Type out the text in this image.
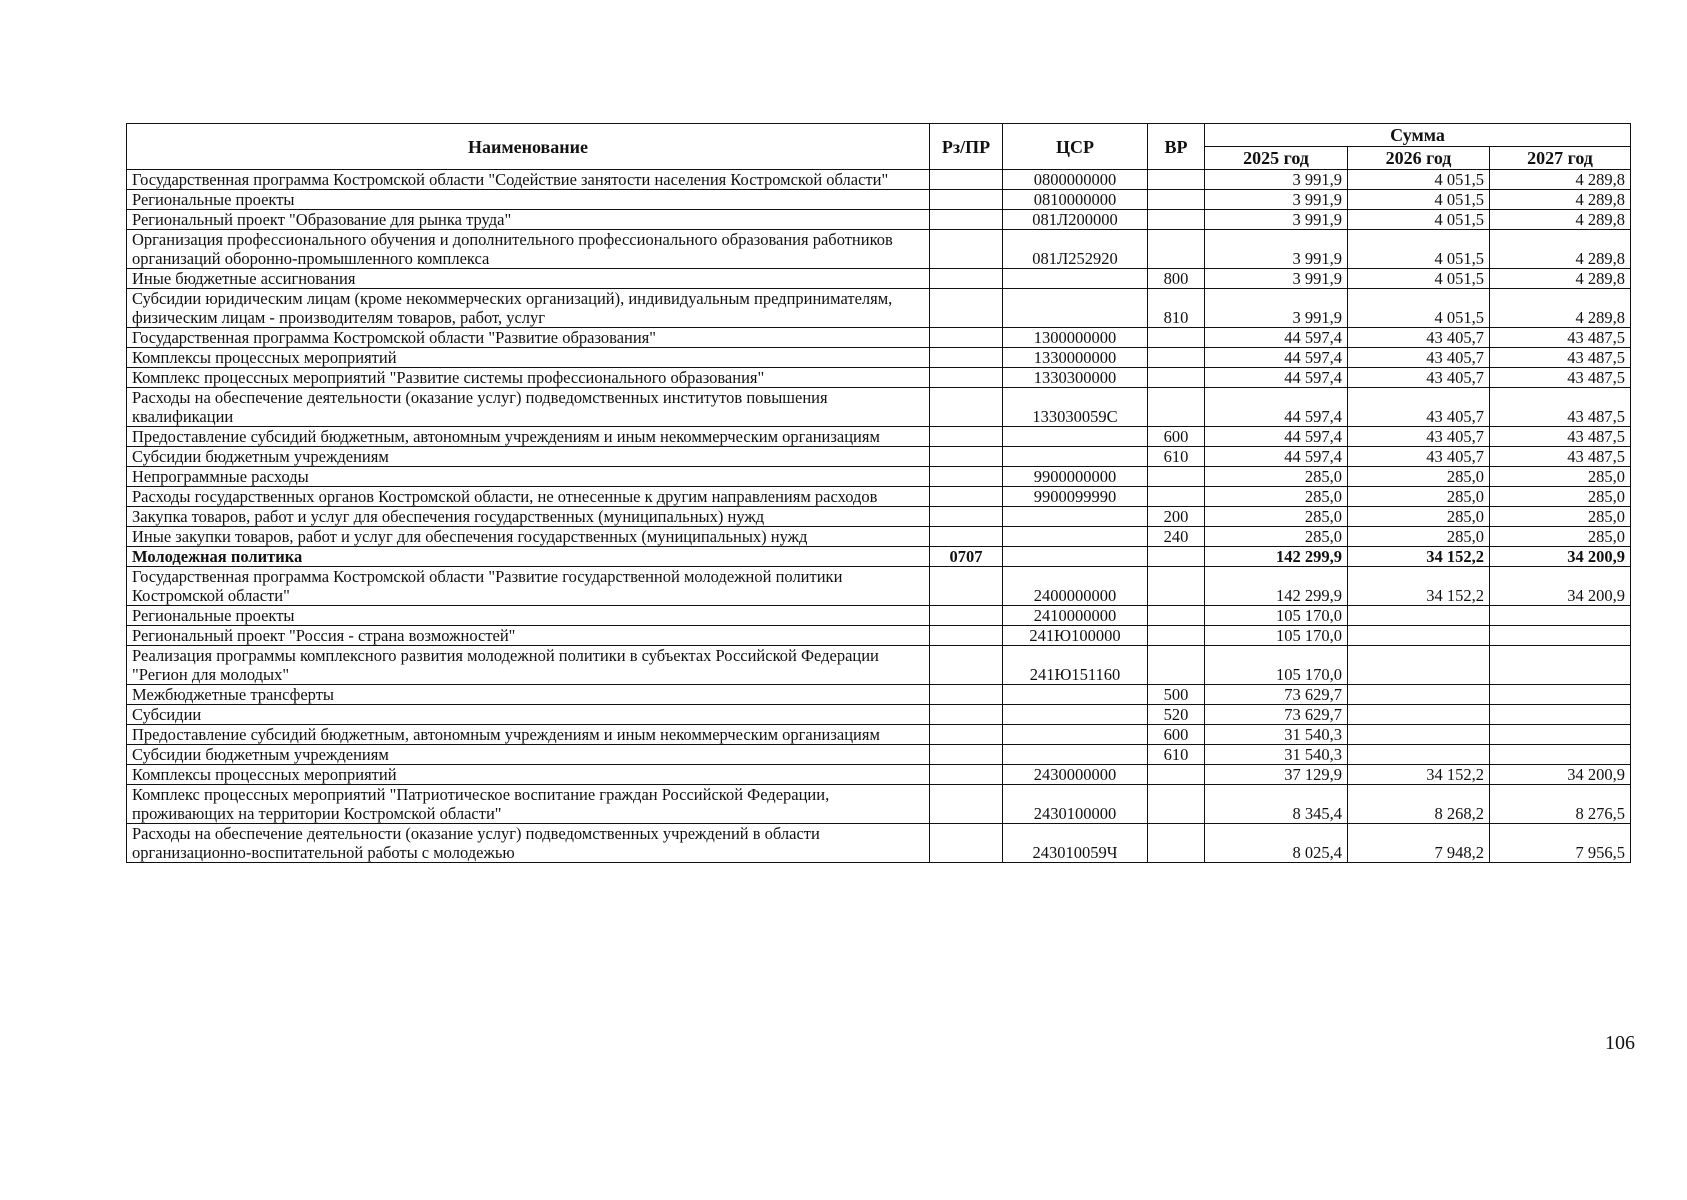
Наименование	Рз/ПР	ЦСР	ВР	Сумма		
				2025 год	2026 год	2027 год
Государственная программа Костромской области "Содействие занятости населения Костромской области"		0800000000		3 991,9	4 051,5	4 289,8
Региональные проекты		0810000000		3 991,9	4 051,5	4 289,8
Региональный проект "Образование для рынка труда"		081Л200000		3 991,9	4 051,5	4 289,8
Организация профессионального обучения и дополнительного профессионального образования работников организаций оборонно-промышленного комплекса		081Л252920		3 991,9	4 051,5	4 289,8
Иные бюджетные ассигнования			800	3 991,9	4 051,5	4 289,8
Субсидии юридическим лицам (кроме некоммерческих организаций), индивидуальным предпринимателям, физическим лицам - производителям товаров, работ, услуг			810	3 991,9	4 051,5	4 289,8
Государственная программа Костромской области "Развитие образования"		1300000000		44 597,4	43 405,7	43 487,5
Комплексы процессных мероприятий		1330000000		44 597,4	43 405,7	43 487,5
Комплекс процессных мероприятий "Развитие системы профессионального образования"		1330300000		44 597,4	43 405,7	43 487,5
Расходы на обеспечение деятельности (оказание услуг) подведомственных институтов повышения квалификации		133030059С		44 597,4	43 405,7	43 487,5
Предоставление субсидий бюджетным, автономным учреждениям и иным некоммерческим организациям			600	44 597,4	43 405,7	43 487,5
Субсидии бюджетным учреждениям			610	44 597,4	43 405,7	43 487,5
Непрограммные расходы		9900000000		285,0	285,0	285,0
Расходы государственных органов Костромской области, не отнесенные к другим направлениям расходов		9900099990		285,0	285,0	285,0
Закупка товаров, работ и услуг для обеспечения государственных (муниципальных) нужд			200	285,0	285,0	285,0
Иные закупки товаров, работ и услуг для обеспечения государственных (муниципальных) нужд			240	285,0	285,0	285,0
Молодежная политика	0707			142 299,9	34 152,2	34 200,9
Государственная программа Костромской области "Развитие государственной молодежной политики Костромской области"		2400000000		142 299,9	34 152,2	34 200,9
Региональные проекты		2410000000		105 170,0		
Региональный проект "Россия - страна возможностей"		241Ю100000		105 170,0		
Реализация программы комплексного развития молодежной политики в субъектах Российской Федерации "Регион для молодых"		241Ю151160		105 170,0		
Межбюджетные трансферты			500	73 629,7		
Субсидии			520	73 629,7		
Предоставление субсидий бюджетным, автономным учреждениям и иным некоммерческим организациям			600	31 540,3		
Субсидии бюджетным учреждениям			610	31 540,3		
Комплексы процессных мероприятий		2430000000		37 129,9	34 152,2	34 200,9
Комплекс процессных мероприятий "Патриотическое воспитание граждан Российской Федерации, проживающих на территории Костромской области"		2430100000		8 345,4	8 268,2	8 276,5
Расходы на обеспечение деятельности (оказание услуг) подведомственных учреждений в области организационно-воспитательной работы с молодежью		243010059Ч		8 025,4	7 948,2	7 956,5
106
